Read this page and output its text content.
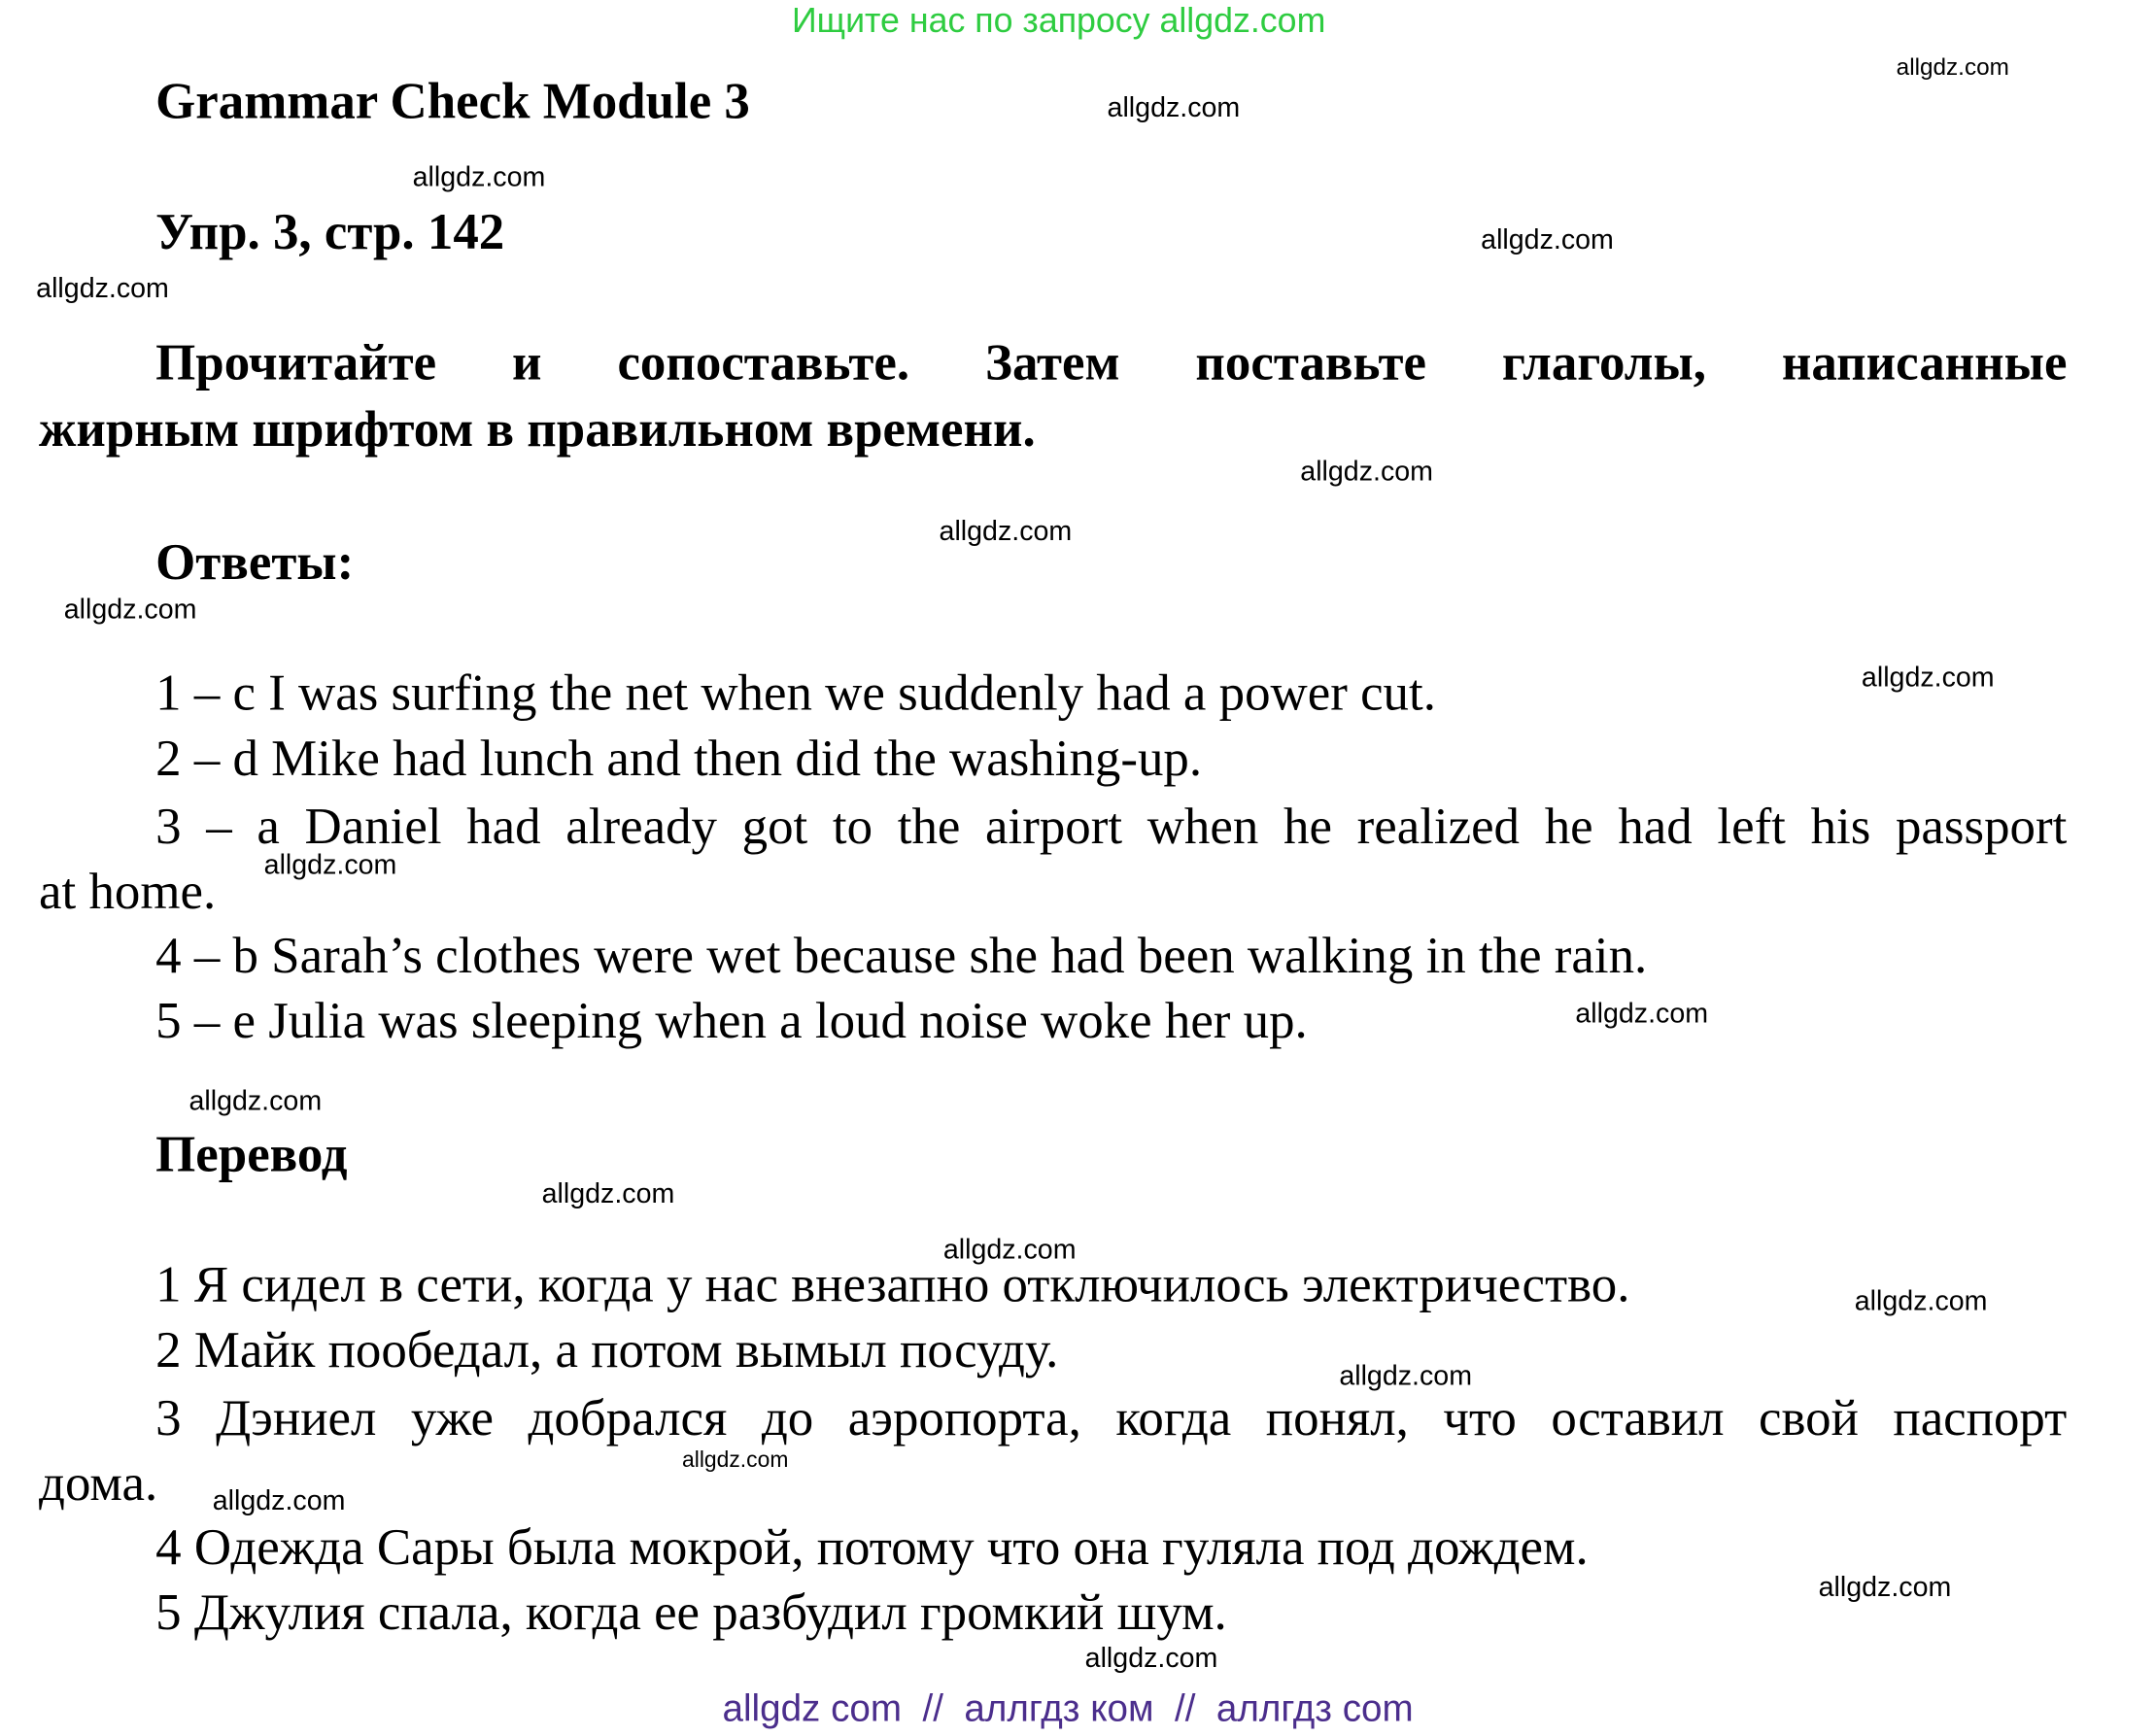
Ищите нас по запросу allgdz.com
Grammar Check Module 3
Упр. 3, стр. 142
Прочитайте и сопоставьте. Затем поставьте глаголы, написанные
жирным шрифтом в правильном времени.
Ответы:
1 – c I was surfing the net when we suddenly had a power cut.
2 – d Mike had lunch and then did the washing-up.
3 – a Daniel had already got to the airport when he realized he had left his passport
at home.
4 – b Sarah’s clothes were wet because she had been walking in the rain.
5 – e Julia was sleeping when a loud noise woke her up.
Перевод
1 Я сидел в сети, когда у нас внезапно отключилось электричество.
2 Майк пообедал, а потом вымыл посуду.
3 Дэниел уже добрался до аэропорта, когда понял, что оставил свой паспорт
дома.
4 Одежда Сары была мокрой, потому что она гуляла под дождем.
5 Джулия спала, когда ее разбудил громкий шум.
allgdz.com
allgdz.com
allgdz.com
allgdz.com
allgdz.com
allgdz.com
allgdz.com
allgdz.com
allgdz.com
allgdz.com
allgdz.com
allgdz.com
allgdz.com
allgdz.com
allgdz.com
allgdz.com
allgdz.com
allgdz.com
allgdz.com
allgdz.com
allgdz com  //  аллгдз ком  //  аллгдз com
